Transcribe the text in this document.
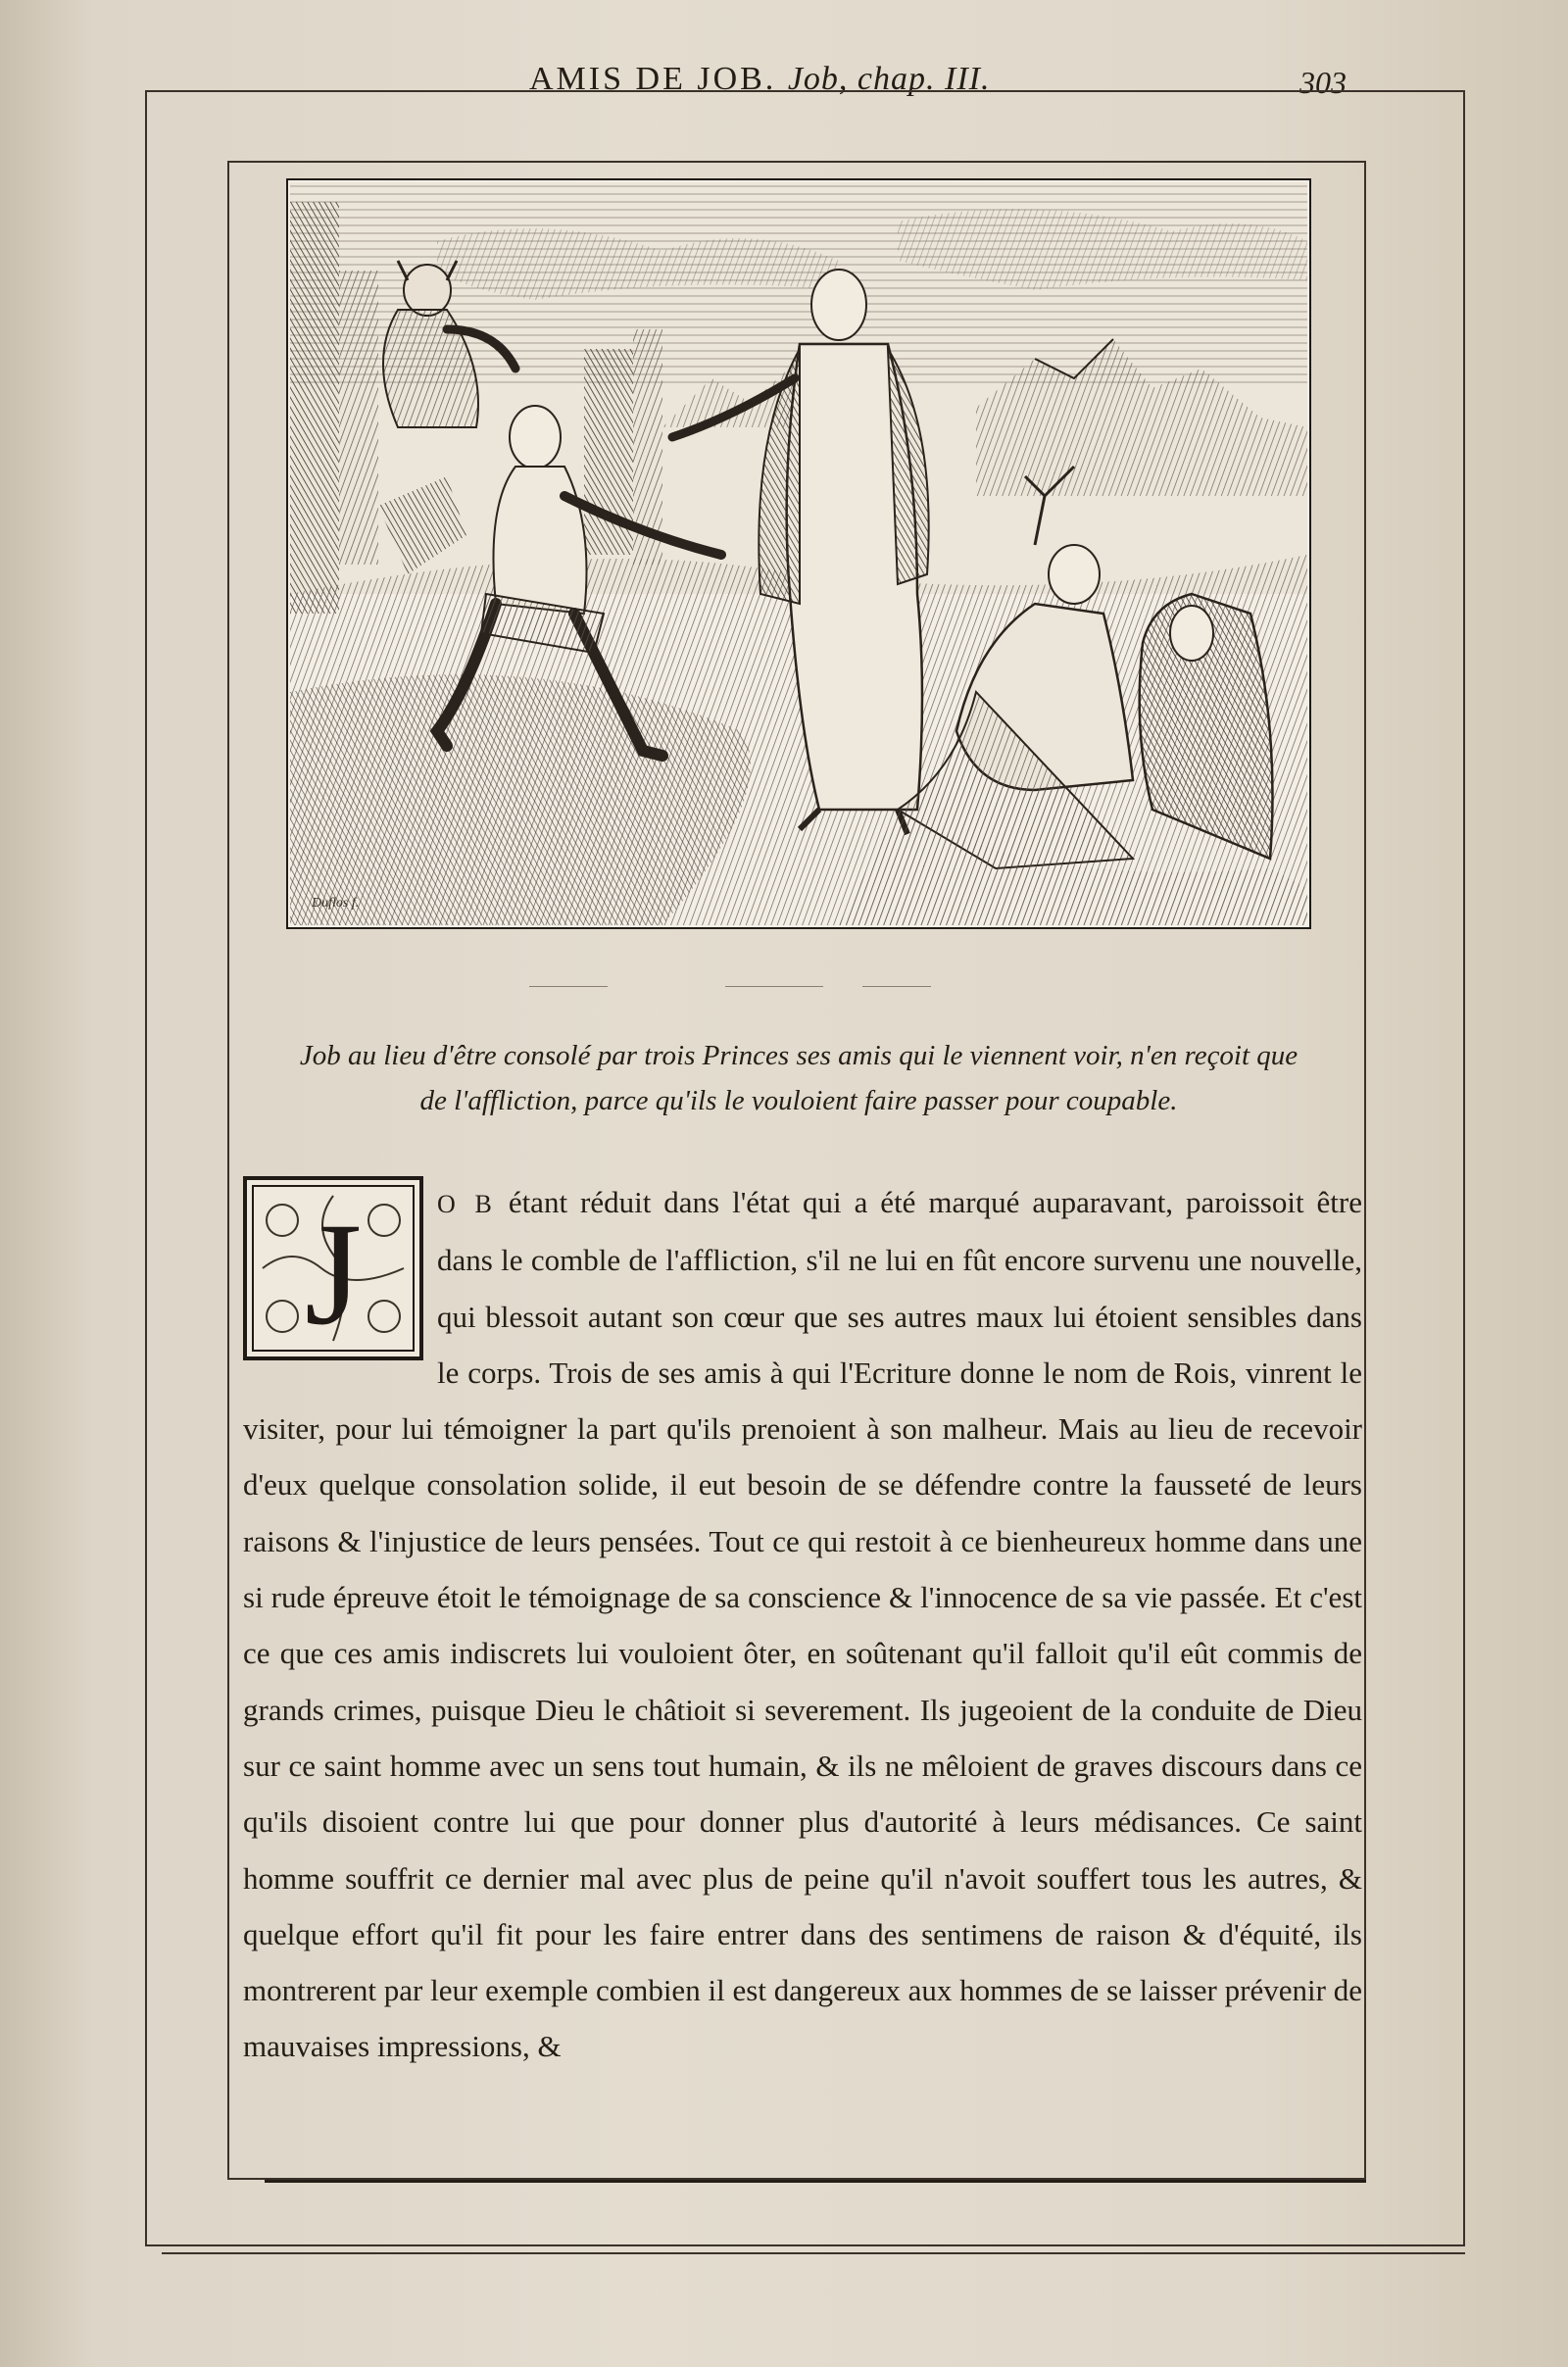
AMIS DE JOB. Job, chap. III.	303
Duflos f.
Job au lieu d'être consolé par trois Princes ses amis qui le viennent voir, n'en reçoit que
de l'affliction, parce qu'ils le vouloient faire passer pour coupable.
J	O B étant réduit dans l'état qui a été marqué auparavant, paroissoit être dans le comble de l'affliction, s'il ne lui en fût encore survenu une nouvelle, qui blessoit autant son cœur que ses autres maux lui étoient sensibles dans le corps. Trois de ses amis à qui l'Ecriture donne le nom de Rois, vinrent le visiter, pour lui témoigner la part qu'ils prenoient à son malheur. Mais au lieu de recevoir d'eux quelque consolation solide, il eut besoin de se défendre contre la fausseté de leurs raisons & l'injustice de leurs pensées. Tout ce qui restoit à ce bienheureux homme dans une si rude épreuve étoit le témoignage de sa conscience & l'innocence de sa vie passée. Et c'est ce que ces amis indiscrets lui vouloient ôter, en soûtenant qu'il falloit qu'il eût commis de grands crimes, puisque Dieu le châtioit si severement. Ils jugeoient de la conduite de Dieu sur ce saint homme avec un sens tout humain, & ils ne mêloient de graves discours dans ce qu'ils disoient contre lui que pour donner plus d'autorité à leurs médisances. Ce saint homme souffrit ce dernier mal avec plus de peine qu'il n'avoit souffert tous les autres, & quelque effort qu'il fit pour les faire entrer dans des sentimens de raison & d'équité, ils montrerent par leur exemple combien il est dangereux aux hommes de se laisser prévenir de mauvaises impressions, &
